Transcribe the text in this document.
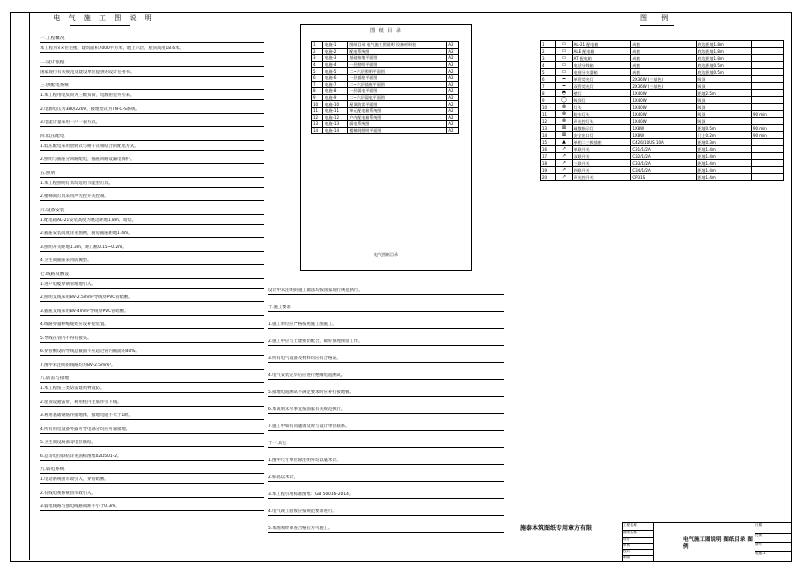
电 气 施 工 图 说 明
一.工程概况
本工程为××住宅楼，建筑面积7000平方米，地上六层，屋顶高度18.6米。
二.设计依据
国家现行有关规范及建设单位提供的设计任务书。
三.供配电系统
1.本工程用电负荷为三级负荷，电源由室外引来。
2.电源电压为380/220V，接地型式为TN-C-S系统。
3.电能计量采用一户一表方式。
四.低压配电
1.低压配电采用放射式与树干式相结合的配电方式。
2.照明与插座分回路配电，插座回路设漏电保护。
五.照明
1.本工程照明灯具均选用节能型灯具。
2.楼梯间灯具采用声光控开关控制。
六.设备安装
1.配电箱AL-21安装高度为底边距地1.8m，暗装。
2.插座安装高度详见图例，厨房插座距地1.4m。
3.照明开关距地1.3m，距门框0.15~0.2m。
4.卫生间插座采用防溅型。
七.线路及敷设
1.进户电缆穿钢管埋地引入。
2.照明支线采用BV-2.5mm²导线穿PVC管暗敷。
3.插座支线采用BV-4mm²导线穿PVC管暗敷。
4.线路穿越伸缩缝处应设补偿装置。
5.导线在管内不得有接头。
6.穿管敷设的导线总截面不应超过管内截面的40%。
7.图中未注明的线路均为BV-2.5mm²。
八.防雷与接地
1.本工程按三类防雷建筑物设防。
2.屋顶设避雷带，利用柱内主筋作引下线。
3.利用基础钢筋作接地体，接地电阻不大于1欧。
4.所有用电设备外露可导电部分均应可靠接地。
5.卫生间设局部等电位联结。
6.总等电位联结详见国标图集02D501-2。
九.弱电系统
1.电话系统由市政引入，穿管暗敷。
2.有线电视系统由市政引入。
3.弱电线路与强电线路间距不小于0.3m。
设计中未注明的施工做法均按国家现行规范执行。
十.施工要求
1.施工单位应严格按照施工图施工。
2.施工中应与土建密切配合，做好预埋预留工作。
3.所有电气设备及材料均应有合格证。
4.电气安装完毕后应进行绝缘电阻测试。
5.接地电阻测试不满足要求时应补打接地极。
6.本说明未尽事宜按国家有关规范执行。
7.施工中如有问题请及时与设计单位联系。
十一.其它
1.图中尺寸单位除注明外均以毫米计。
2.标高以米计。
3.本工程引用标准图集：GB 50016-2014。
4.电气竣工验收应按规范要求进行。
5.本图须经审查合格后方可施工。
图 纸 目 录
1	电施-1	图纸目录 电气施工图说明 设备材料表	A2
2	电施-2	配电系统图	A2
3	电施-3	基础接地平面图	A2
4	电施-4	一层照明平面图	A2
5	电施-5	二~六层照明平面图	A2
6	电施-6	一层插座平面图	A2
7	电施-7	二~六层插座平面图	A2
8	电施-8	一层弱电平面图	A2
9	电施-9	二~六层弱电平面图	A2
10	电施-10	屋顶防雷平面图	A2
11	电施-11	单元配电箱系统图	A2
12	电施-12	户内配电箱系统图	A2
13	电施-13	弱电系统图	A2
14	电施-14	楼梯间照明平面图	A2
电气图纸目录
图 例
1	▭	AL-21 配电箱	成套	底边距地1.8m	
2	▭	ALE 配电箱	成套	底边距地1.8m	
3	▭	AT 配电箱	成套	底边距地1.8m	
4	▭	电话分线箱	成套	底边距地0.5m	
5	▭	电视分支器箱	成套	底边距地0.5m	
6	━	单管荧光灯	2X36W (三基色)	吸顶	
7	━	双管荧光灯	2X36W (三基色)	吸顶	
8	◓	壁灯	1X40W	距地2.5m	
9	◯	吸顶灯	1X40W	吸顶	
10	⊗	灯头	1X40W	吸顶	
11	⊗	防水灯头	1X40W	吸顶	90 min
12	⊗	声光控灯头	1X40W	吸顶	
13	⊠	疏散指示灯	1X8W	距地0.5m	90 min
14	⊠	安全出口灯	1X8W	门上0.2m	90 min
15	▲	单相二三极插座	C426/10US 10A	距地0.3m	
16	↗	单联开关	C31/1/2A	距地1.4m	
17	↗	双联开关	C32/1/2A	距地1.4m	
18	↗	三联开关	C33/1/2A	距地1.4m	
19	↗	四联开关	C34/1/2A	距地1.4m	
20	↗	声光控开关	CP31S	距地1.4m	
施泰本筑图纸专用章方有限
电气施工图说明 图纸目录 图例
工程名称
图纸名称
设计
审核
校对
制图
日期
比例
图号
电施-1
